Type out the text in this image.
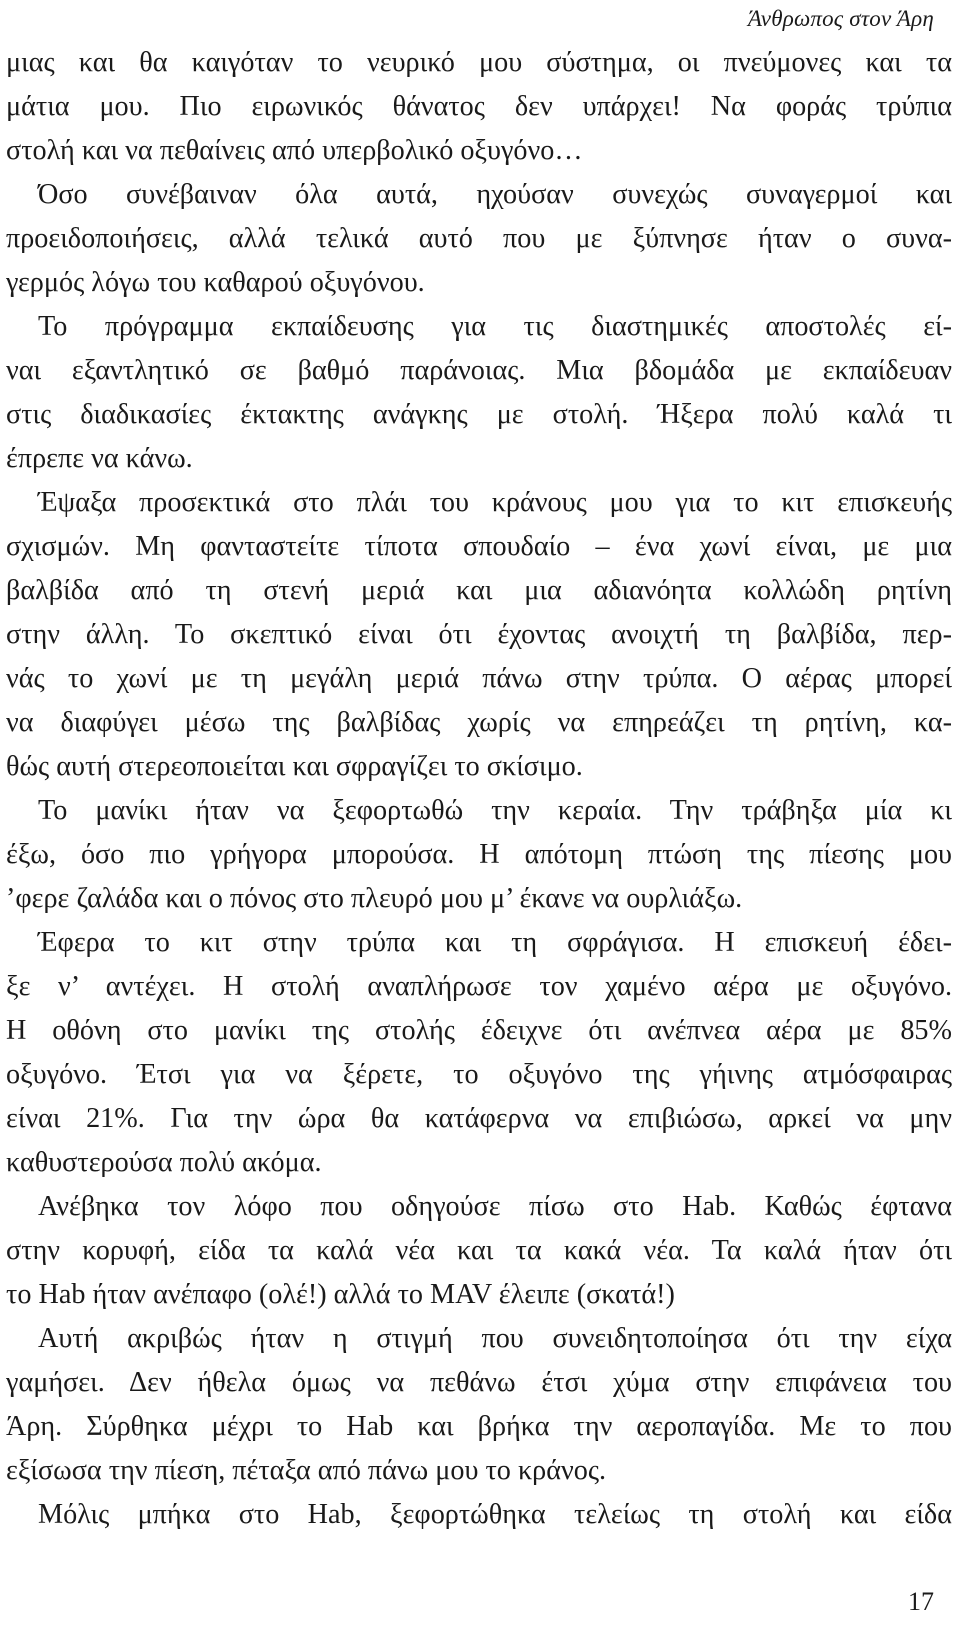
Άνθρωπος στον Άρη
μιας και θα καιγόταν το νευρικό μου σύστημα, οι πνεύμονες και τα
μάτια μου. Πιο ειρωνικός θάνατος δεν υπάρχει! Να φοράς τρύπια
στολή και να πεθαίνεις από υπερβολικό οξυγόνο…
Όσο συνέβαιναν όλα αυτά, ηχούσαν συνεχώς συναγερμοί και
προειδοποιήσεις, αλλά τελικά αυτό που με ξύπνησε ήταν ο συνα-
γερμός λόγω του καθαρού οξυγόνου.
Το πρόγραμμα εκπαίδευσης για τις διαστημικές αποστολές εί-
ναι εξαντλητικό σε βαθμό παράνοιας. Μια βδομάδα με εκπαίδευαν
στις διαδικασίες έκτακτης ανάγκης με στολή. Ήξερα πολύ καλά τι
έπρεπε να κάνω.
Έψαξα προσεκτικά στο πλάι του κράνους μου για το κιτ επισκευής
σχισμών. Μη φανταστείτε τίποτα σπουδαίο – ένα χωνί είναι, με μια
βαλβίδα από τη στενή μεριά και μια αδιανόητα κολλώδη ρητίνη
στην άλλη. Το σκεπτικό είναι ότι έχοντας ανοιχτή τη βαλβίδα, περ-
νάς το χωνί με τη μεγάλη μεριά πάνω στην τρύπα. Ο αέρας μπορεί
να διαφύγει μέσω της βαλβίδας χωρίς να επηρεάζει τη ρητίνη, κα-
θώς αυτή στερεοποιείται και σφραγίζει το σκίσιμο.
Το μανίκι ήταν να ξεφορτωθώ την κεραία. Την τράβηξα μία κι
έξω, όσο πιο γρήγορα μπορούσα. Η απότομη πτώση της πίεσης μου
’φερε ζαλάδα και ο πόνος στο πλευρό μου μ’ έκανε να ουρλιάξω.
Έφερα το κιτ στην τρύπα και τη σφράγισα. Η επισκευή έδει-
ξε ν’ αντέχει. Η στολή αναπλήρωσε τον χαμένο αέρα με οξυγόνο.
Η οθόνη στο μανίκι της στολής έδειχνε ότι ανέπνεα αέρα με 85%
οξυγόνο. Έτσι για να ξέρετε, το οξυγόνο της γήινης ατμόσφαιρας
είναι 21%. Για την ώρα θα κατάφερνα να επιβιώσω, αρκεί να μην
καθυστερούσα πολύ ακόμα.
Ανέβηκα τον λόφο που οδηγούσε πίσω στο Hab. Καθώς έφτανα
στην κορυφή, είδα τα καλά νέα και τα κακά νέα. Τα καλά ήταν ότι
το Hab ήταν ανέπαφο (ολέ!) αλλά το MAV έλειπε (σκατά!)
Αυτή ακριβώς ήταν η στιγμή που συνειδητοποίησα ότι την είχα
γαμήσει. Δεν ήθελα όμως να πεθάνω έτσι χύμα στην επιφάνεια του
Άρη. Σύρθηκα μέχρι το Hab και βρήκα την αεροπαγίδα. Με το που
εξίσωσα την πίεση, πέταξα από πάνω μου το κράνος.
Μόλις μπήκα στο Hab, ξεφορτώθηκα τελείως τη στολή και είδα
17
